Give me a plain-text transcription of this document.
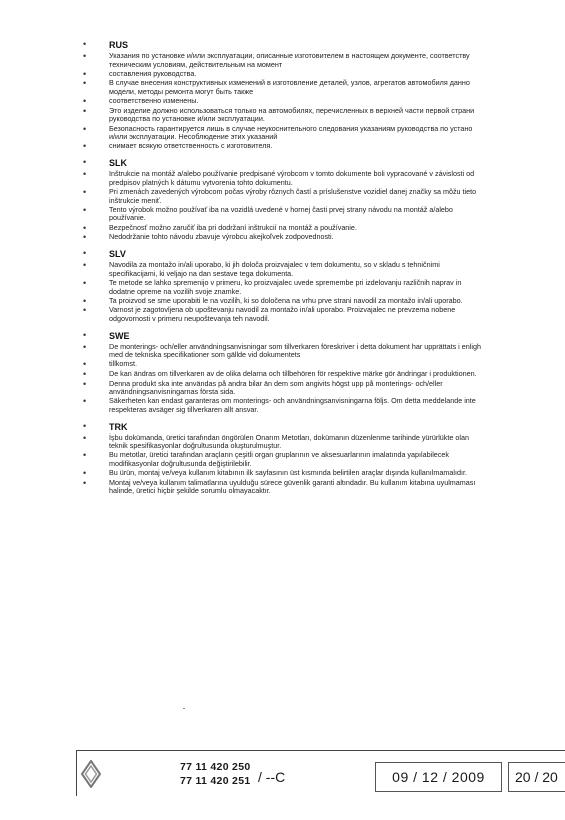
•	RUS
•	Указания по установке и/или эксплуатации, описанные изготовителем в настоящем документе, соответству
техническим условиям, действительным на момент
•	составления руководства.
•	В случае внесения конструктивных изменений в изготовление деталей, узлов, агрегатов автомобиля данно
модели, методы ремонта могут быть также
•	соответственно изменены.
•	Это изделие должно использоваться только на автомобилях, перечисленных в верхней части первой страни
руководства по установке и/или эксплуатации.
•	Безопасность гарантируется лишь в случае неукоснительного следования указаниям руководства по устано
и/или эксплуатации. Несоблюдение этих указаний
•	снимает всякую ответственность с изготовителя.
•	SLK
•	Inštrukcie na montáž a/alebo používanie predpisané výrobcom v tomto dokumente boli vypracované v závislosti od
predpisov platných k dátumu vytvorenia tohto dokumentu.
•	Pri zmenách zavedených výrobcom počas výroby rôznych častí a príslušenstve vozidiel danej značky sa môžu tieto
inštrukcie meniť.
•	Tento výrobok možno používať iba na vozidlá uvedené v hornej časti prvej strany návodu na montáž a/alebo
používanie.
•	Bezpečnosť možno zaručiť iba pri dodržaní inštrukcií na montáž a používanie.
•	Nedodržanie tohto návodu zbavuje výrobcu akejkoľvek zodpovednosti.
•	SLV
•	Navodila za montažo in/ali uporabo, ki jih določa proizvajalec v tem dokumentu, so v skladu s tehničnimi
specifikacijami, ki veljajo na dan sestave tega dokumenta.
•	Te metode se lahko spremenijo v primeru, ko proizvajalec uvede spremembe pri izdelovanju različnih naprav in
dodatne opreme na vozilih svoje znamke.
•	Ta proizvod se sme uporabiti le na vozilih, ki so določena na vrhu prve strani navodil za montažo in/ali uporabo.
•	Varnost je zagotovljena ob upoštevanju navodil za montažo in/ali uporabo. Proizvajalec ne prevzema nobene
odgovornosti v primeru neupoštevanja teh navodil.
•	SWE
•	De monterings- och/eller användningsanvisningar som tillverkaren föreskriver i detta dokument har upprättats i enligh
med de tekniska specifikationer som gällde vid dokumentets
•	tillkomst.
•	De kan ändras om tillverkaren av de olika delarna och tillbehören för respektive märke gör ändringar i produktionen.
•	Denna produkt ska inte användas på andra bilar än dem som angivits högst upp på monterings- och/eller
användningsanvisningarnas första sida.
•	Säkerheten kan endast garanteras om monterings- och användningsanvisningarna följs. Om detta meddelande inte
respekteras avsäger sig tillverkaren allt ansvar.
•	TRK
•	İşbu dokümanda, üretici tarafından öngörülen Onarım Metotları, dokümanın düzenlenme tarihinde yürürlükte olan
teknik spesifikasyonlar doğrultusunda oluşturulmuştur.
•	Bu metotlar, üretici tarafından araçların çeşitli organ gruplarının ve aksesuarlarının imalatında yapılabilecek
modifikasyonlar doğrultusunda değiştirilebilir.
•	Bu ürün, montaj ve/veya kullanım kitabının ilk sayfasının üst kısmında belirtilen araçlar dışında kullanılmamalıdır.
•	Montaj ve/veya kullanım talimatlarına uyulduğu sürece güvenlik garanti altındadır. Bu kullanım kitabına uyulmaması
halinde, üretici hiçbir şekilde sorumlu olmayacaktır.
77 11 420 250
77 11 420 251 / --C	09 / 12 / 2009	20 / 20
